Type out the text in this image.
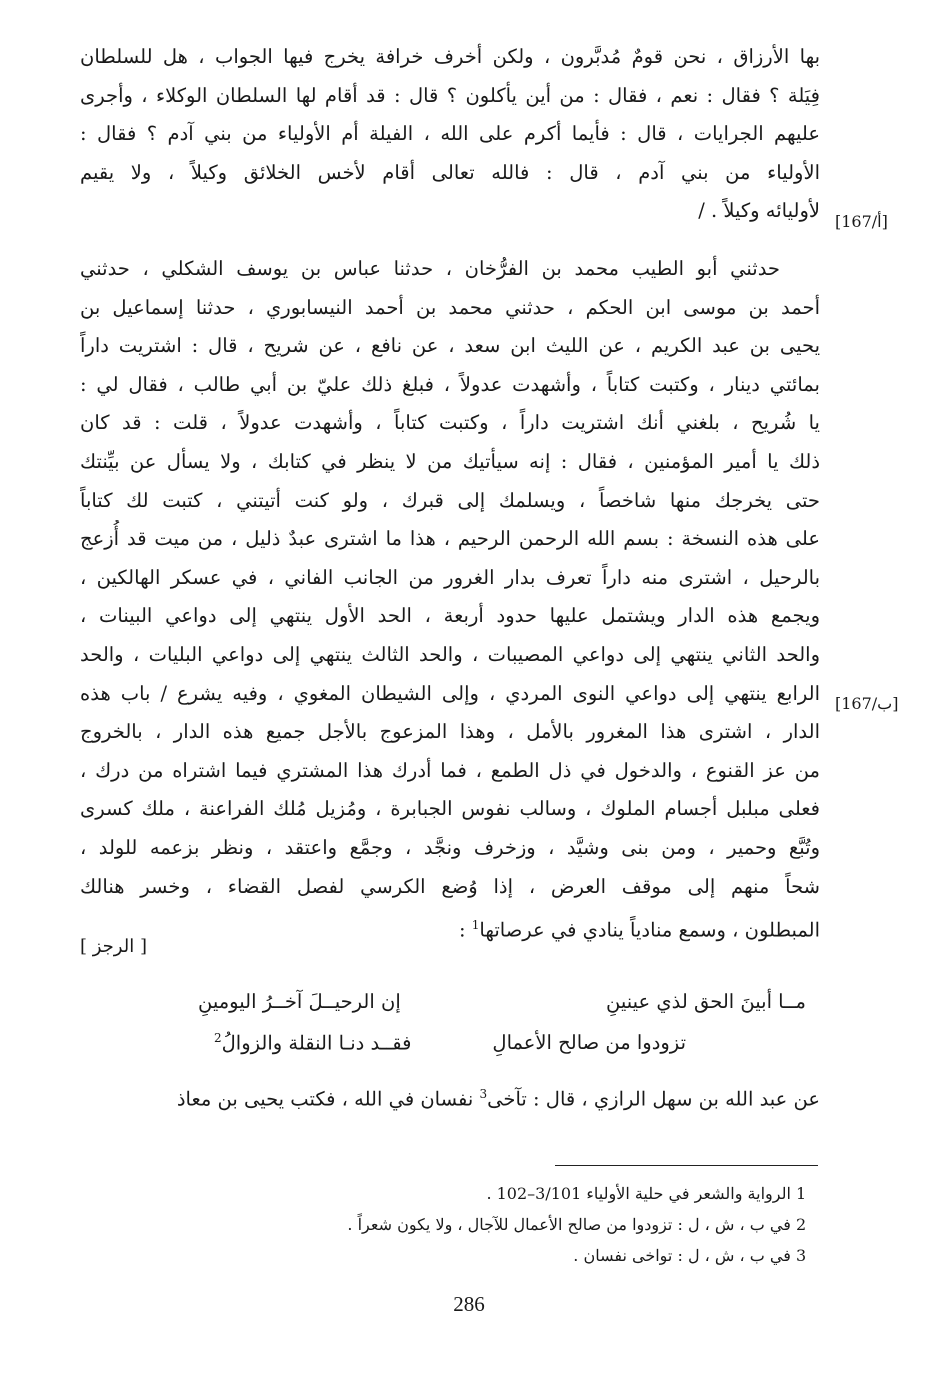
بها الأرزاق ، نحن قومٌ مُدبَّرون ، ولكن أخرف خرافة يخرج فيها الجواب ، هل للسلطان
فِيَلة ؟ فقال : نعم ، فقال : من أين يأكلون ؟ قال : قد أقام لها السلطان الوكلاء ، وأجرى
عليهم الجرايات ، قال : فأيما أكرم على الله ، الفيلة أم الأولياء من بني آدم ؟ فقال :
الأولياء من بني آدم ، قال : فالله تعالى أقام لأخس الخلائق وكيلاً ، ولا يقيم
لأوليائه وكيلاً . / [167/أ]
حدثني أبو الطيب محمد بن الفرُّخان ، حدثنا عباس بن يوسف الشكلي ، حدثني
أحمد بن موسى ابن الحكم ، حدثني محمد بن أحمد النيسابوري ، حدثنا إسماعيل بن
يحيى بن عبد الكريم ، عن الليث ابن سعد ، عن نافع ، عن شريح ، قال : اشتريت داراً
بمائتي دينار ، وكتبت كتاباً ، وأشهدت عدولاً ، فبلغ ذلك عليّ بن أبي طالب ، فقال لي :
يا شُريح ، بلغني أنك اشتريت داراً ، وكتبت كتاباً ، وأشهدت عدولاً ، قلت : قد كان
ذلك يا أمير المؤمنين ، فقال : إنه سيأتيك من لا ينظر في كتابك ، ولا يسأل عن بيِّنتك
حتى يخرجك منها شاخصاً ، ويسلمك إلى قبرك ، ولو كنت أتيتني ، كتبت لك كتاباً
على هذه النسخة : بسم الله الرحمن الرحيم ، هذا ما اشترى عبدٌ ذليل ، من ميت قد أُزعج
بالرحيل ، اشترى منه داراً تعرف بدار الغرور من الجانب الفاني ، في عسكر الهالكين ،
ويجمع هذه الدار ويشتمل عليها حدود أربعة ، الحد الأول ينتهي إلى دواعي البينات ،
والحد الثاني ينتهي إلى دواعي المصيبات ، والحد الثالث ينتهي إلى دواعي البليات ، والحد
الرابع ينتهي إلى دواعي النوى المردي ، وإلى الشيطان المغوي ، وفيه يشرع / باب هذه
الدار ، اشترى هذا المغرور بالأمل ، وهذا المزعوج بالأجل جميع هذه الدار ، بالخروج
من عز القنوع ، والدخول في ذل الطمع ، فما أدرك هذا المشتري فيما اشتراه من درك ،
فعلى مبلبل أجسام الملوك ، وسالب نفوس الجبابرة ، ومُزيل مُلك الفراعنة ، ملك كسرى
وتُبَّع وحمير ، ومن بنى وشيَّد ، وزخرف ونجَّد ، وجمَّع واعتقد ، ونظر بزعمه للولد ،
شحاً منهم إلى موقف العرض ، إذا وُضع الكرسي لفصل القضاء ، وخسر هنالك
المبطلون ، وسمع منادياً ينادي في عرصاتها$^1$ :
[167/ب]
[ الرجز ]
مــا أبينَ الحق لذي عينينِ
إن الرحيــلَ آخــرُ اليومينِ
تزودوا من صالح الأعمالِ
فقــد دنـا النقلة والزوالُ$^2$
عن عبد الله بن سهل الرازي ، قال : تآخى$^3$ نفسان في الله ، فكتب يحيى بن معاذ
1 الرواية والشعر في حلية الأولياء 3/101–102 .
2 في ب ، ش ، ل : تزودوا من صالح الأعمال للآجال ، ولا يكون شعراً .
3 في ب ، ش ، ل : تواخى نفسان .
286
